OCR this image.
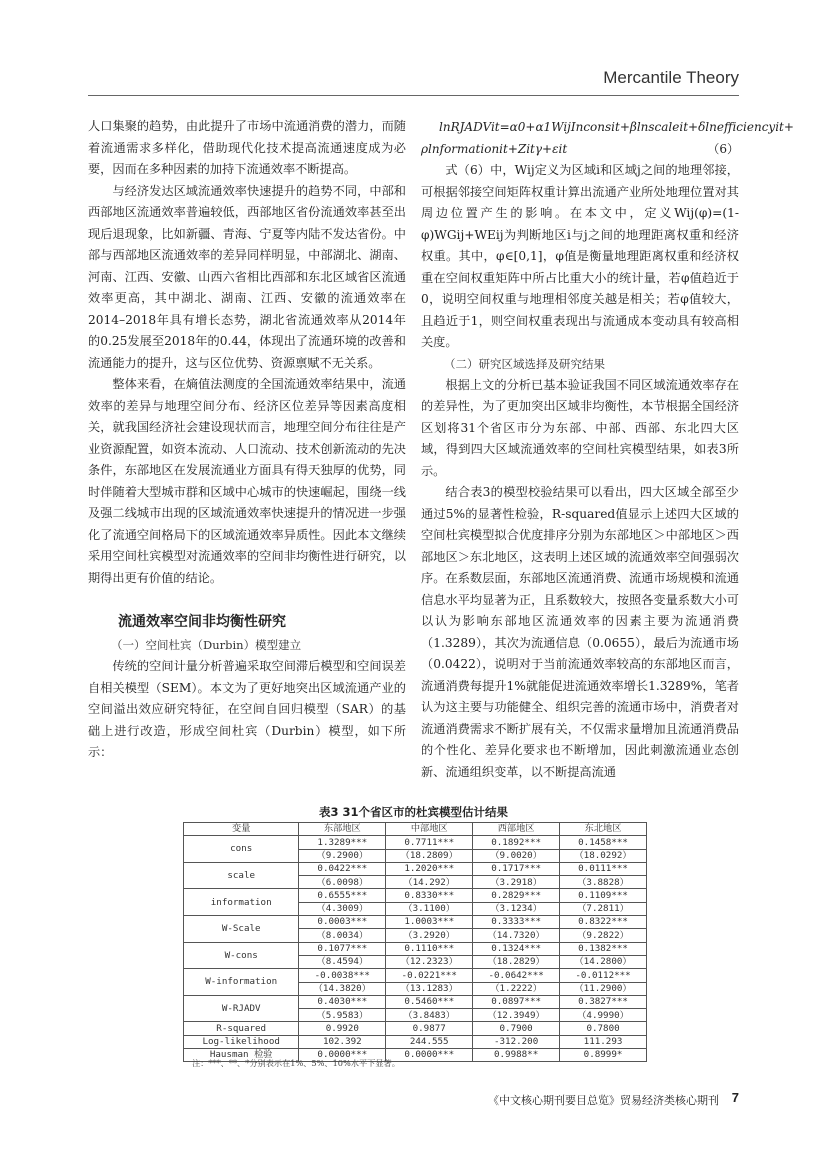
Mercantile Theory

人口集聚的趋势，由此提升了市场中流通消费的潜力，而随着流通需求多样化，借助现代化技术提高流通速度成为必要，因而在多种因素的加持下流通效率不断提高。

与经济发达区域流通效率快速提升的趋势不同，中部和西部地区流通效率普遍较低，西部地区省份流通效率甚至出现后退现象，比如新疆、青海、宁夏等内陆不发达省份。中部与西部地区流通效率的差异同样明显，中部湖北、湖南、河南、江西、安徽、山西六省相比西部和东北区域省区流通效率更高，其中湖北、湖南、江西、安徽的流通效率在2014–2018年具有增长态势，湖北省流通效率从2014年的0.25发展至2018年的0.44，体现出了流通环境的改善和流通能力的提升，这与区位优势、资源禀赋不无关系。

整体来看，在熵值法测度的全国流通效率结果中，流通效率的差异与地理空间分布、经济区位差异等因素高度相关，就我国经济社会建设现状而言，地理空间分布往往是产业资源配置，如资本流动、人口流动、技术创新流动的先决条件，东部地区在发展流通业方面具有得天独厚的优势，同时伴随着大型城市群和区域中心城市的快速崛起，围绕一线及强二线城市出现的区域流通效率快速提升的情况进一步强化了流通空间格局下的区域流通效率异质性。因此本文继续采用空间杜宾模型对流通效率的空间非均衡性进行研究，以期得出更有价值的结论。

流通效率空间非均衡性研究
（一）空间杜宾（Durbin）模型建立

传统的空间计量分析普遍采取空间滞后模型和空间误差自相关模型（SEM）。本文为了更好地突出区域流通产业的空间溢出效应研究特征，在空间自回归模型（SAR）的基础上进行改造，形成空间杜宾（Durbin）模型，如下所示：

lnRJADVit=α0+α1WijInconsit+βlnscaleit+δlnefficiencyit+
ρlnformationit+Zitγ+εit	（6）

式（6）中，Wij定义为区域i和区域j之间的地理邻接，可根据邻接空间矩阵权重计算出流通产业所处地理位置对其周边位置产生的影响。在本文中，定义Wij(φ)=(1-φ)WGij+WEij为判断地区i与j之间的地理距离权重和经济权重。其中，φ∈[0,1]，φ值是衡量地理距离权重和经济权重在空间权重矩阵中所占比重大小的统计量，若φ值趋近于0，说明空间权重与地理相邻度关越是相关；若φ值较大，且趋近于1，则空间权重表现出与流通成本变动具有较高相关度。

（二）研究区域选择及研究结果

根据上文的分析已基本验证我国不同区域流通效率存在的差异性，为了更加突出区域非均衡性，本节根据全国经济区划将31个省区市分为东部、中部、西部、东北四大区域，得到四大区域流通效率的空间杜宾模型结果，如表3所示。

结合表3的模型校验结果可以看出，四大区域全部至少通过5%的显著性检验，R-squared值显示上述四大区域的空间杜宾模型拟合优度排序分别为东部地区＞中部地区＞西部地区＞东北地区，这表明上述区域的流通效率空间强弱次序。在系数层面，东部地区流通消费、流通市场规模和流通信息水平均显著为正，且系数较大，按照各变量系数大小可以认为影响东部地区流通效率的因素主要为流通消费（1.3289），其次为流通信息（0.0655），最后为流通市场（0.0422），说明对于当前流通效率较高的东部地区而言，流通消费每提升1%就能促进流通效率增长1.3289%，笔者认为这主要与功能健全、组织完善的流通市场中，消费者对流通消费需求不断扩展有关，不仅需求量增加且流通消费品的个性化、差异化要求也不断增加，因此刺激流通业态创新、流通组织变革，以不断提高流通

表3 31个省区市的杜宾模型估计结果
变量	东部地区	中部地区	西部地区	东北地区
cons	1.3289***	0.7711***	0.1892***	0.1458***
	（9.2900）	（18.2809）	（9.0020）	（18.0292）
scale	0.0422***	1.2020***	0.1717***	0.0111***
	（6.0098）	（14.292）	（3.2918）	（3.8828）
information	0.6555***	0.8330***	0.2829***	0.1109***
	（4.3009）	（3.1100）	（3.1234）	（7.2811）
W-Scale	0.0003***	1.0003***	0.3333***	0.8322***
	（8.0034）	（3.2920）	（14.7320）	（9.2822）
W-cons	0.1077***	0.1110***	0.1324***	0.1382***
	（8.4594）	（12.2323）	（18.2829）	（14.2800）
W-information	-0.0038***	-0.0221***	-0.0642***	-0.0112***
	（14.3820）	（13.1283）	（1.2222）	（11.2900）
W-RJADV	0.4030***	0.5460***	0.0897***	0.3827***
	（5.9583）	（3.8483）	（12.3949）	（4.9990）
R-squared	0.9920	0.9877	0.7900	0.7800
Log-likelihood	102.392	244.555	-312.200	111.293
Hausman 检验	0.0000***	0.0000***	0.9988**	0.8999*
注：***、**、*分别表示在1%、5%、10%水平下显著。
《中文核心期刊要目总览》贸易经济类核心期刊 7
